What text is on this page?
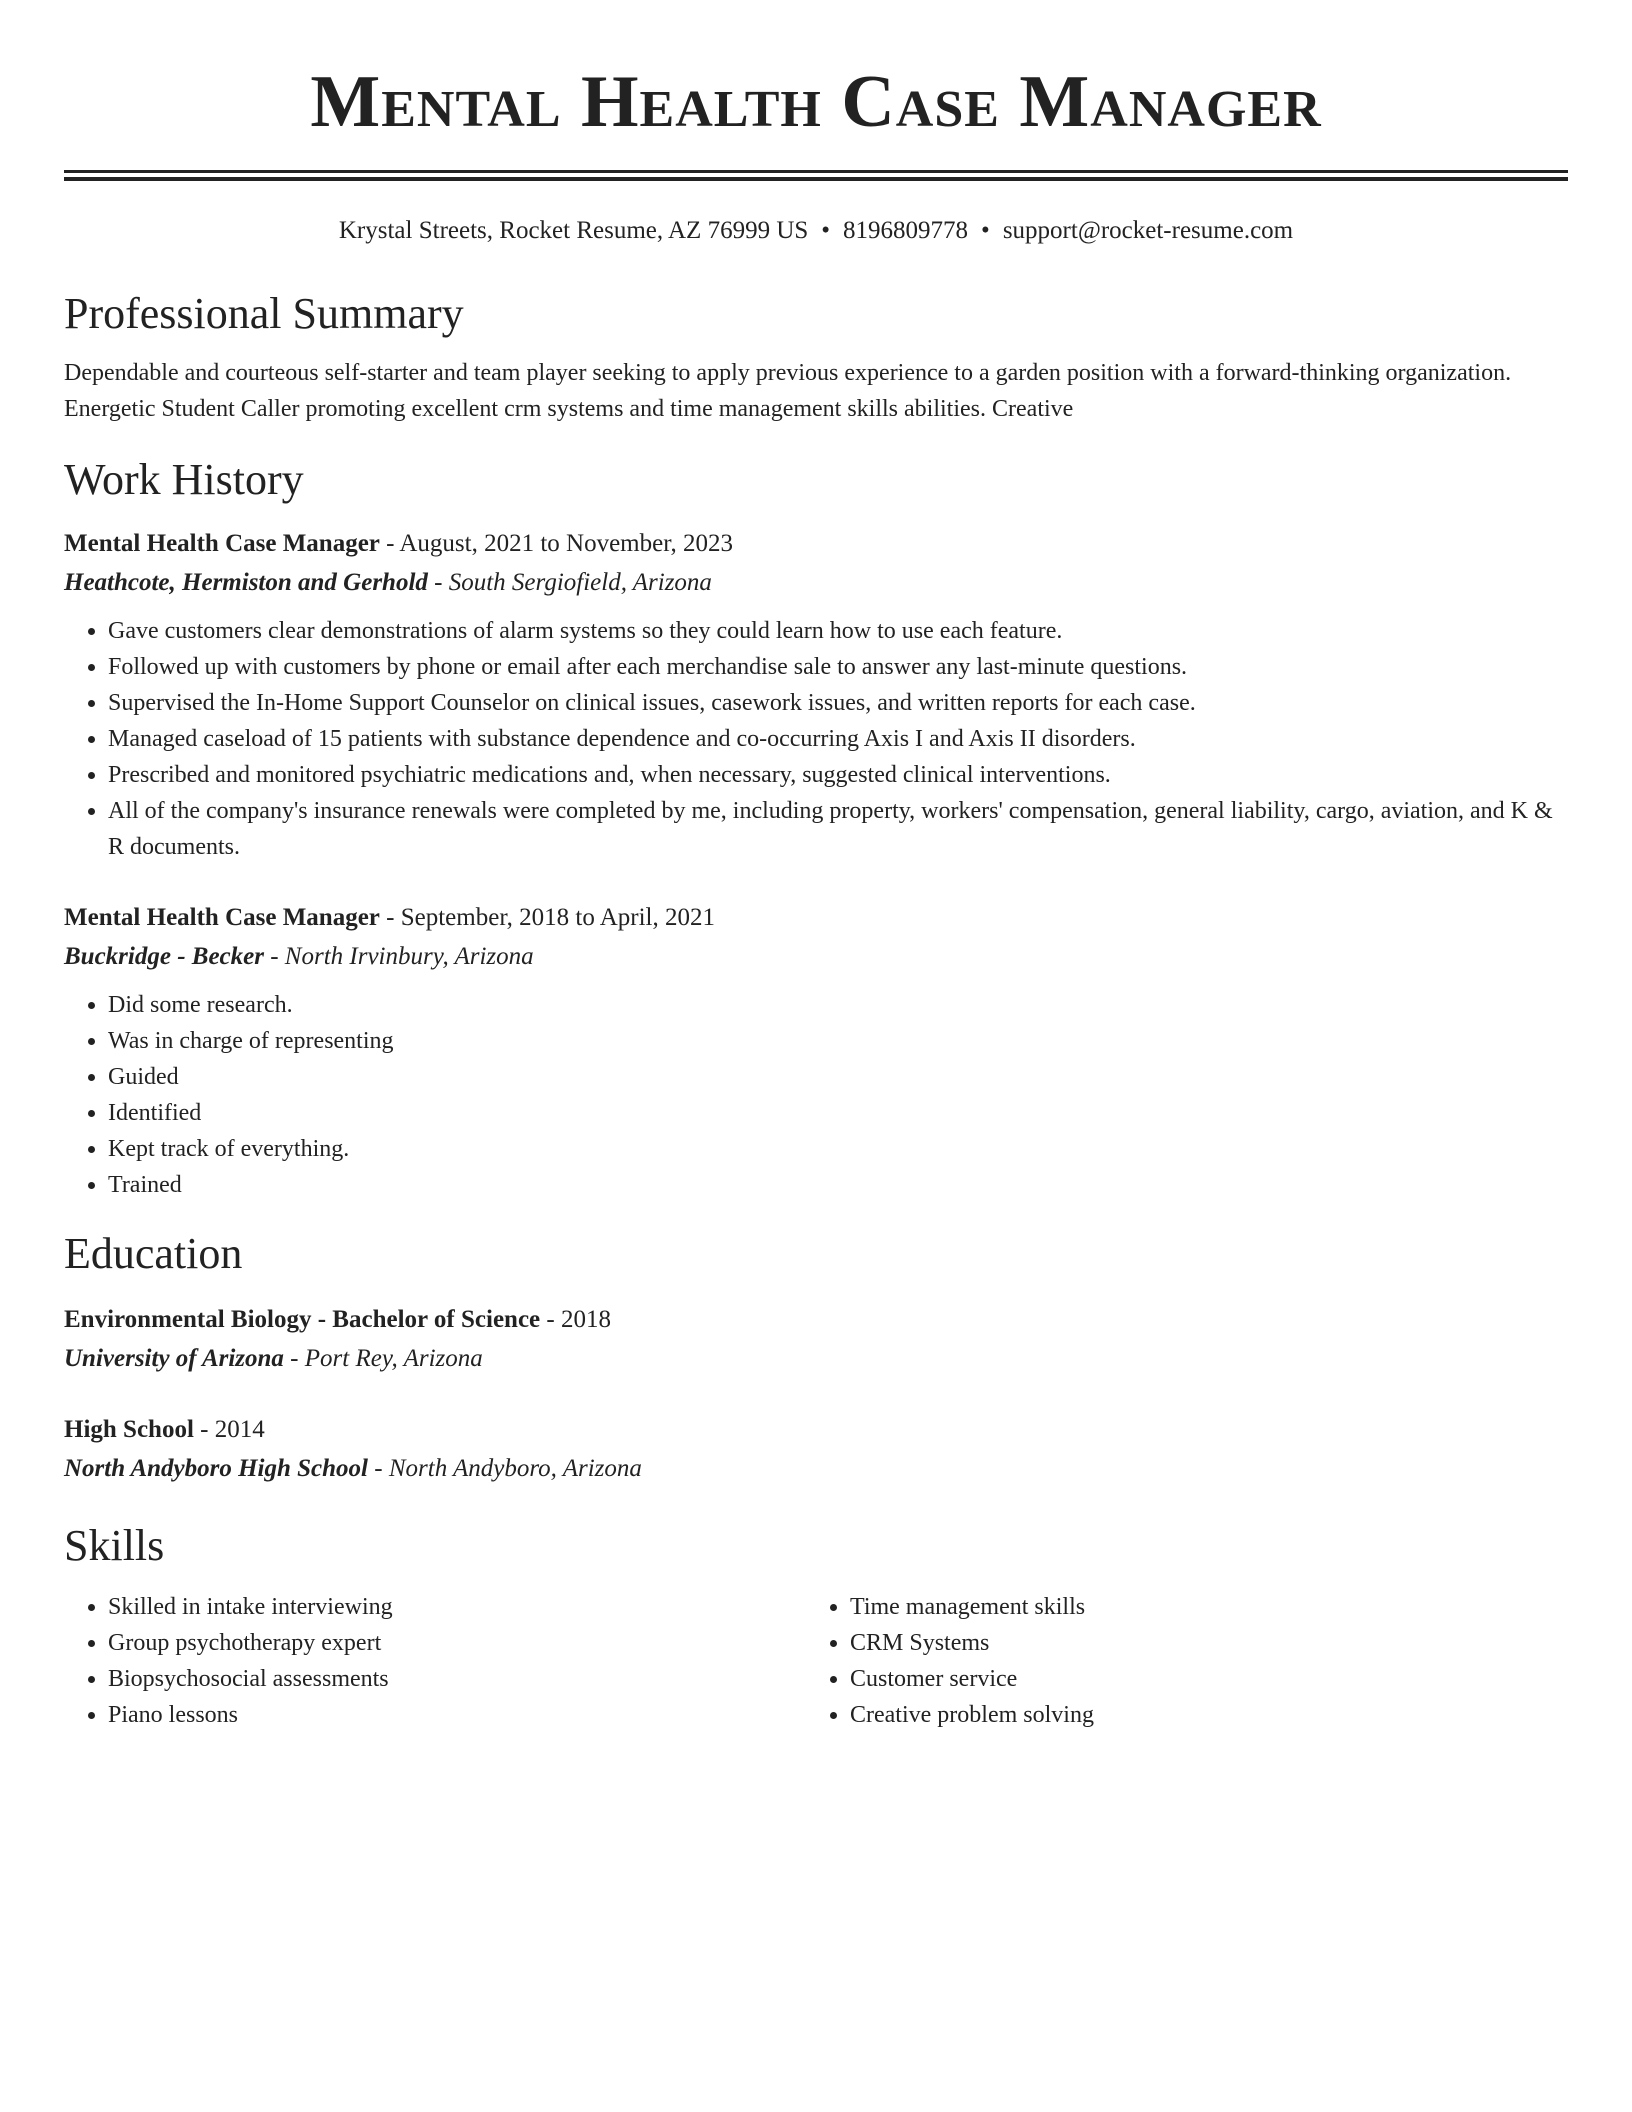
Mental Health Case Manager
Krystal Streets, Rocket Resume, AZ 76999 US • 8196809778 • support@rocket-resume.com
Professional Summary

Dependable and courteous self-starter and team player seeking to apply previous experience to a garden position with a forward-thinking organization. Energetic Student Caller promoting excellent crm systems and time management skills abilities. Creative

Work History
Mental Health Case Manager - August, 2021 to November, 2023
Heathcote, Hermiston and Gerhold - South Sergiofield, Arizona
• Gave customers clear demonstrations of alarm systems so they could learn how to use each feature.
• Followed up with customers by phone or email after each merchandise sale to answer any last-minute questions.
• Supervised the In-Home Support Counselor on clinical issues, casework issues, and written reports for each case.
• Managed caseload of 15 patients with substance dependence and co-occurring Axis I and Axis II disorders.
• Prescribed and monitored psychiatric medications and, when necessary, suggested clinical interventions.
• All of the company's insurance renewals were completed by me, including property, workers' compensation, general liability, cargo, aviation, and K & R documents.
Mental Health Case Manager - September, 2018 to April, 2021
Buckridge - Becker - North Irvinbury, Arizona
• Did some research.
• Was in charge of representing
• Guided
• Identified
• Kept track of everything.
• Trained
Education
Environmental Biology - Bachelor of Science - 2018
University of Arizona - Port Rey, Arizona
High School - 2014
North Andyboro High School - North Andyboro, Arizona
Skills
• Skilled in intake interviewing
• Group psychotherapy expert
• Biopsychosocial assessments
• Piano lessons
• Time management skills
• CRM Systems
• Customer service
• Creative problem solving
